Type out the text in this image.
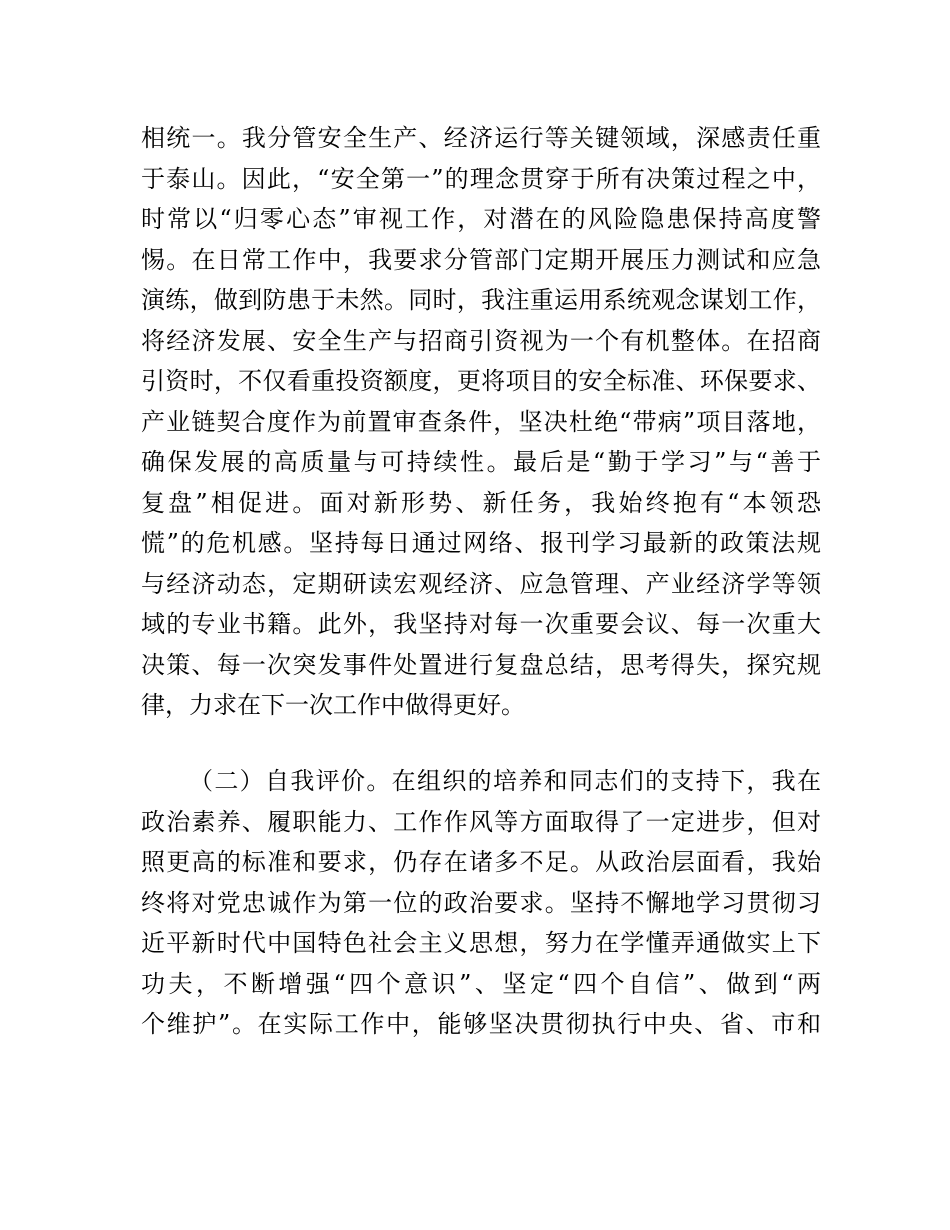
相统一。我分管安全生产、经济运行等关键领域，深感责任重
于泰山。因此，“安全第一”的理念贯穿于所有决策过程之中，
时常以“归零心态”审视工作，对潜在的风险隐患保持高度警
惕。在日常工作中，我要求分管部门定期开展压力测试和应急
演练，做到防患于未然。同时，我注重运用系统观念谋划工作，
将经济发展、安全生产与招商引资视为一个有机整体。在招商
引资时，不仅看重投资额度，更将项目的安全标准、环保要求、
产业链契合度作为前置审查条件，坚决杜绝“带病”项目落地，
确保发展的高质量与可持续性。最后是“勤于学习”与“善于
复盘”相促进。面对新形势、新任务，我始终抱有“本领恐
慌”的危机感。坚持每日通过网络、报刊学习最新的政策法规
与经济动态，定期研读宏观经济、应急管理、产业经济学等领
域的专业书籍。此外，我坚持对每一次重要会议、每一次重大
决策、每一次突发事件处置进行复盘总结，思考得失，探究规
律，力求在下一次工作中做得更好。
（二）自我评价。在组织的培养和同志们的支持下，我在
政治素养、履职能力、工作作风等方面取得了一定进步，但对
照更高的标准和要求，仍存在诸多不足。从政治层面看，我始
终将对党忠诚作为第一位的政治要求。坚持不懈地学习贯彻习
近平新时代中国特色社会主义思想，努力在学懂弄通做实上下
功夫，不断增强“四个意识”、坚定“四个自信”、做到“两
个维护”。在实际工作中，能够坚决贯彻执行中央、省、市和
